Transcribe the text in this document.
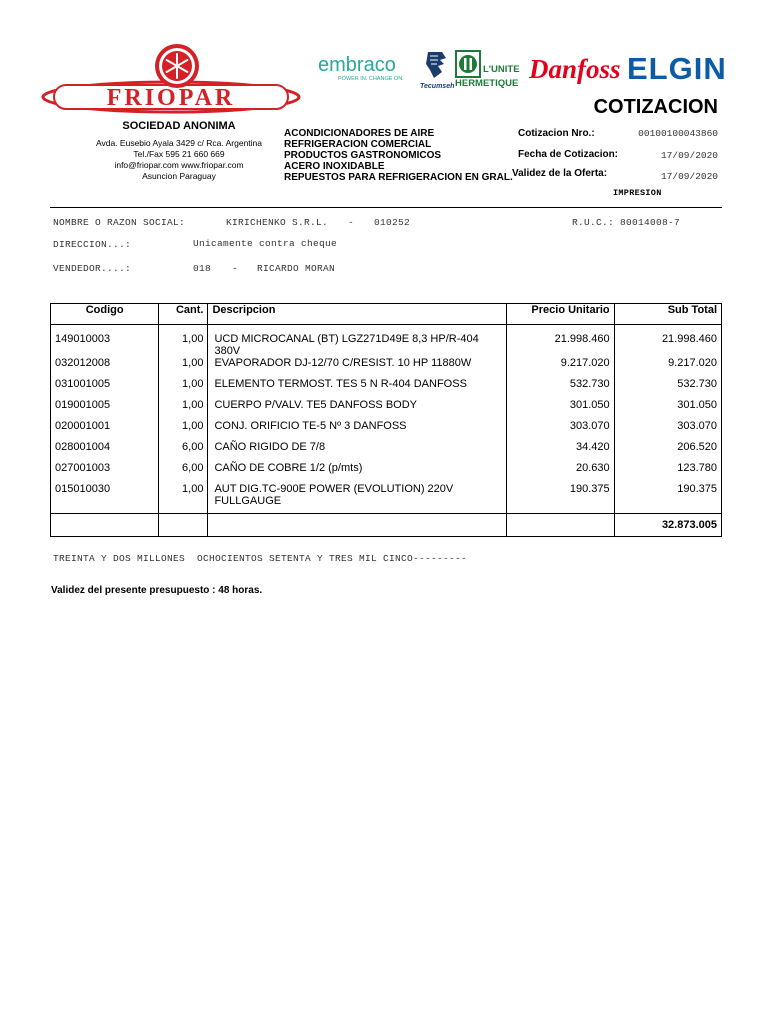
FRIOPAR
embraco
POWER IN. CHANGE ON.
Tecumseh
L'UNITE
HERMETIQUE Danfoss ELGIN
COTIZACION
SOCIEDAD ANONIMA
Avda. Eusebio Ayala 3429 c/ Rca. Argentina
Tel./Fax 595 21 660 669
info@friopar.com www.friopar.com
Asuncion Paraguay
ACONDICIONADORES DE AIRE
REFRIGERACION COMERCIAL
PRODUCTOS GASTRONOMICOS
ACERO INOXIDABLE
REPUESTOS PARA REFRIGERACION EN GRAL.
Cotizacion Nro.:	00100100043860
Fecha de Cotizacion:	17/09/2020
Validez de la Oferta:	17/09/2020
IMPRESION
NOMBRE O RAZON SOCIAL:	KIRICHENKO S.R.L. - 010252	R.U.C.: 80014008-7
DIRECCION...:	Unicamente contra cheque
VENDEDOR....:	018 - RICARDO MORAN
Codigo	Cant.	Descripcion	Precio Unitario	Sub Total
149010003	1,00	UCD MICROCANAL (BT) LGZ271D49E 8,3 HP/R-404 380V	21.998.460	21.998.460
032012008	1,00	EVAPORADOR DJ-12/70 C/RESIST. 10 HP 11880W	9.217.020	9.217.020
031001005	1,00	ELEMENTO TERMOST. TES 5 N R-404 DANFOSS	532.730	532.730
019001005	1,00	CUERPO P/VALV. TE5 DANFOSS BODY	301.050	301.050
020001001	1,00	CONJ. ORIFICIO TE-5 Nº 3 DANFOSS	303.070	303.070
028001004	6,00	CAÑO RIGIDO DE 7/8	34.420	206.520
027001003	6,00	CAÑO DE COBRE 1/2 (p/mts)	20.630	123.780
015010030	1,00	AUT DIG.TC-900E POWER (EVOLUTION) 220V FULLGAUGE	190.375	190.375
				32.873.005
TREINTA Y DOS MILLONES  OCHOCIENTOS SETENTA Y TRES MIL CINCO---------
Validez del presente presupuesto : 48 horas.
